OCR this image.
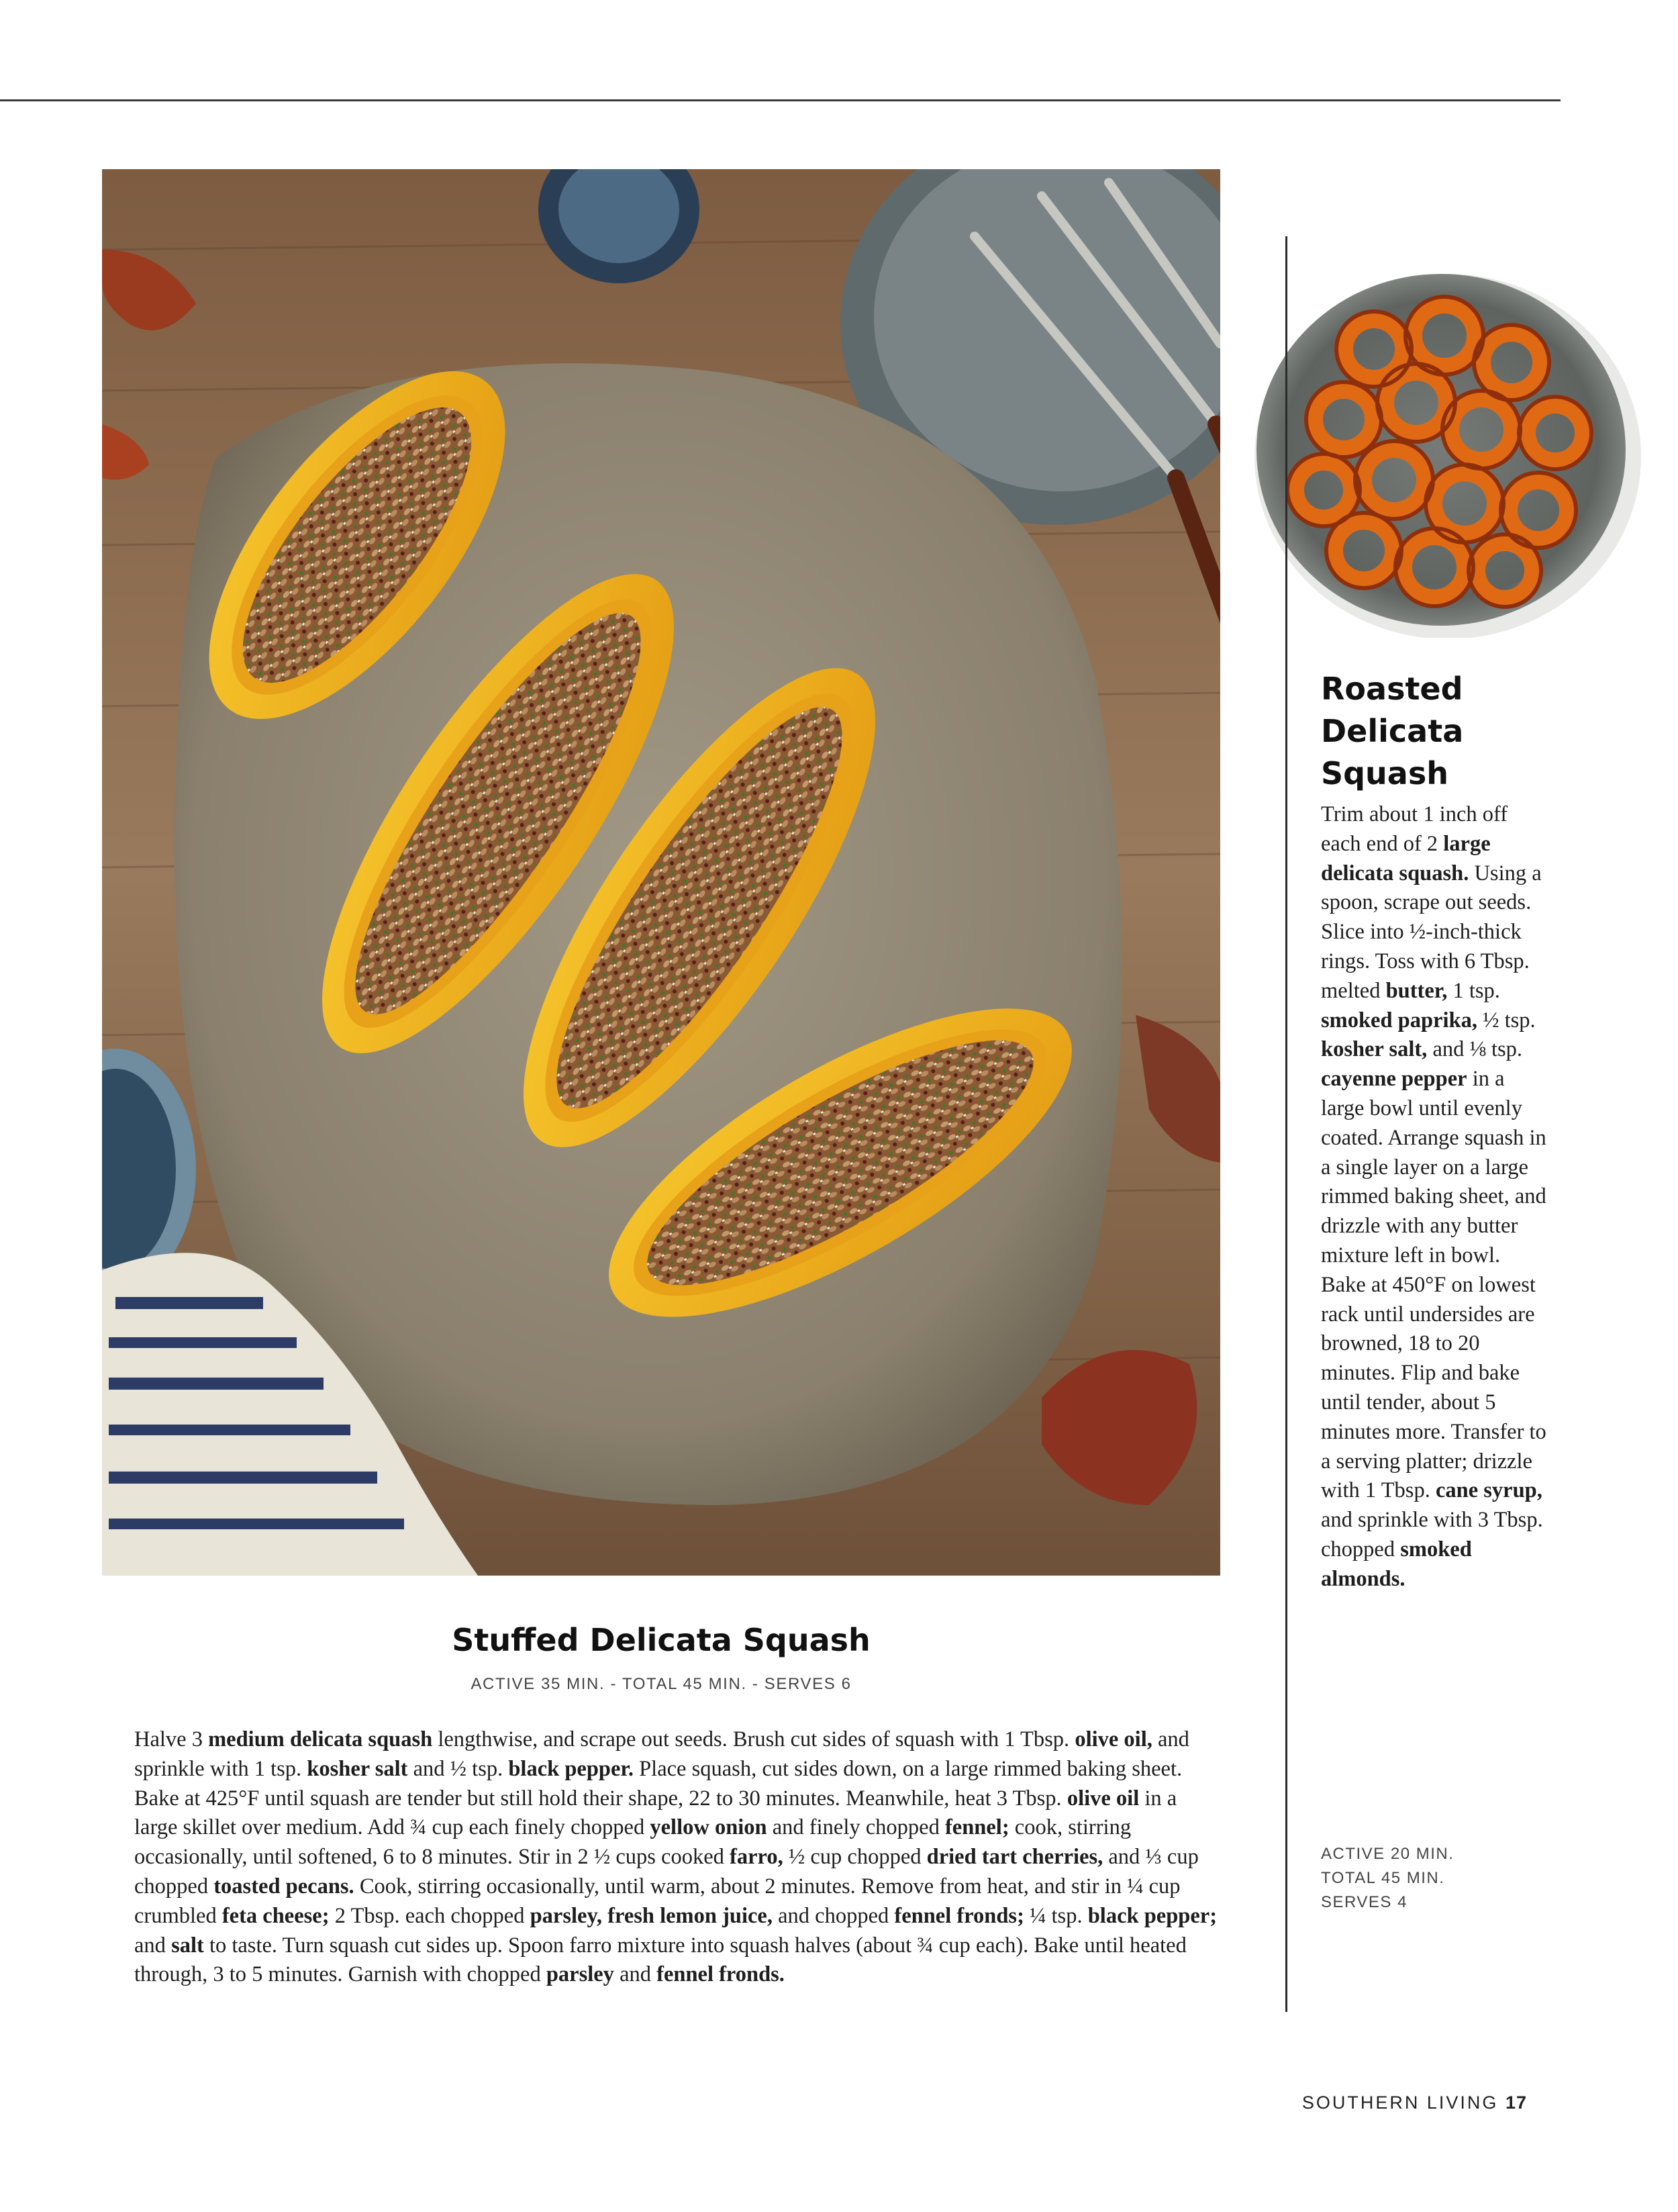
Roasted
Delicata
Squash

Trim about 1 inch off each end of 2 large delicata squash. Using a spoon, scrape out seeds. Slice into ½-inch-thick rings. Toss with 6 Tbsp. melted butter, 1 tsp. smoked paprika, ½ tsp. kosher salt, and ⅛ tsp. cayenne pepper in a large bowl until evenly coated. Arrange squash in a single layer on a large rimmed baking sheet, and drizzle with any butter mixture left in bowl. Bake at 450°F on lowest rack until undersides are browned, 18 to 20 minutes. Flip and bake until tender, about 5 minutes more. Transfer to a serving platter; drizzle with 1 Tbsp. cane syrup, and sprinkle with 3 Tbsp. chopped smoked almonds.

ACTIVE 20 MIN.
TOTAL 45 MIN.
SERVES 4
Stuffed Delicata Squash
ACTIVE 35 MIN. - TOTAL 45 MIN. - SERVES 6

Halve 3 medium delicata squash lengthwise, and scrape out seeds. Brush cut sides of squash with 1 Tbsp. olive oil, and sprinkle with 1 tsp. kosher salt and ½ tsp. black pepper. Place squash, cut sides down, on a large rimmed baking sheet. Bake at 425°F until squash are tender but still hold their shape, 22 to 30 minutes. Meanwhile, heat 3 Tbsp. olive oil in a large skillet over medium. Add ¾ cup each finely chopped yellow onion and finely chopped fennel; cook, stirring occasionally, until softened, 6 to 8 minutes. Stir in 2 ½ cups cooked farro, ½ cup chopped dried tart cherries, and ⅓ cup chopped toasted pecans. Cook, stirring occasionally, until warm, about 2 minutes. Remove from heat, and stir in ¼ cup crumbled feta cheese; 2 Tbsp. each chopped parsley, fresh lemon juice, and chopped fennel fronds; ¼ tsp. black pepper; and salt to taste. Turn squash cut sides up. Spoon farro mixture into squash halves (about ¾ cup each). Bake until heated through, 3 to 5 minutes. Garnish with chopped parsley and fennel fronds.

SOUTHERN LIVING 17
